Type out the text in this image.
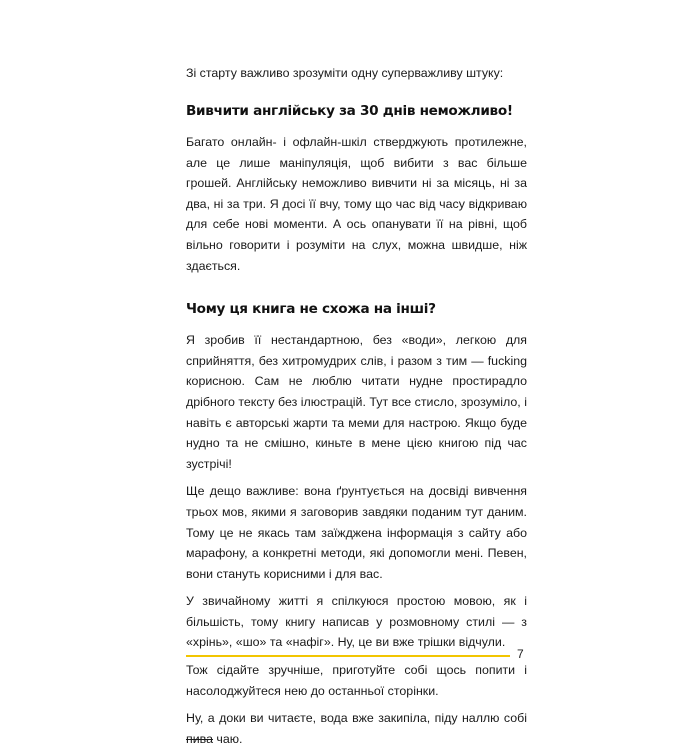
Зі старту важливо зрозуміти одну суперважливу штуку:

Вивчити англійську за 30 днів неможливо!

Багато онлайн- і офлайн-шкіл стверджують протилежне, але це лише маніпуляція, щоб вибити з вас більше грошей. Англійську неможливо вивчити ні за місяць, ні за два, ні за три. Я досі її вчу, тому що час від часу відкриваю для себе нові моменти. А ось опанувати її на рівні, щоб вільно говорити і розуміти на слух, можна швидше, ніж здається.

Чому ця книга не схожа на інші?

Я зробив її нестандартною, без «води», легкою для сприйняття, без хитромудрих слів, і разом з тим — fucking корисною. Сам не люблю читати нудне простирадло дрібного тексту без ілюстрацій. Тут все стисло, зрозуміло, і навіть є авторські жарти та меми для настрою. Якщо буде нудно та не смішно, киньте в мене цією книгою під час зустрічі!

Ще дещо важливе: вона ґрунтується на досвіді вивчення трьох мов, якими я заговорив завдяки поданим тут даним. Тому це не якась там заїжджена інформація з сайту або марафону, а конкретні методи, які допомогли мені. Певен, вони стануть корисними і для вас.

У звичайному житті я спілкуюся простою мовою, як і більшість, тому книгу написав у розмовному стилі — з «хрінь», «шо» та «нафіг». Ну, це ви вже трішки відчули.

Тож сідайте зручніше, приготуйте собі щось попити і насолоджуйтеся нею до останньої сторінки.

Ну, а доки ви читаєте, вода вже закипіла, піду наллю собі пива чаю.

7
